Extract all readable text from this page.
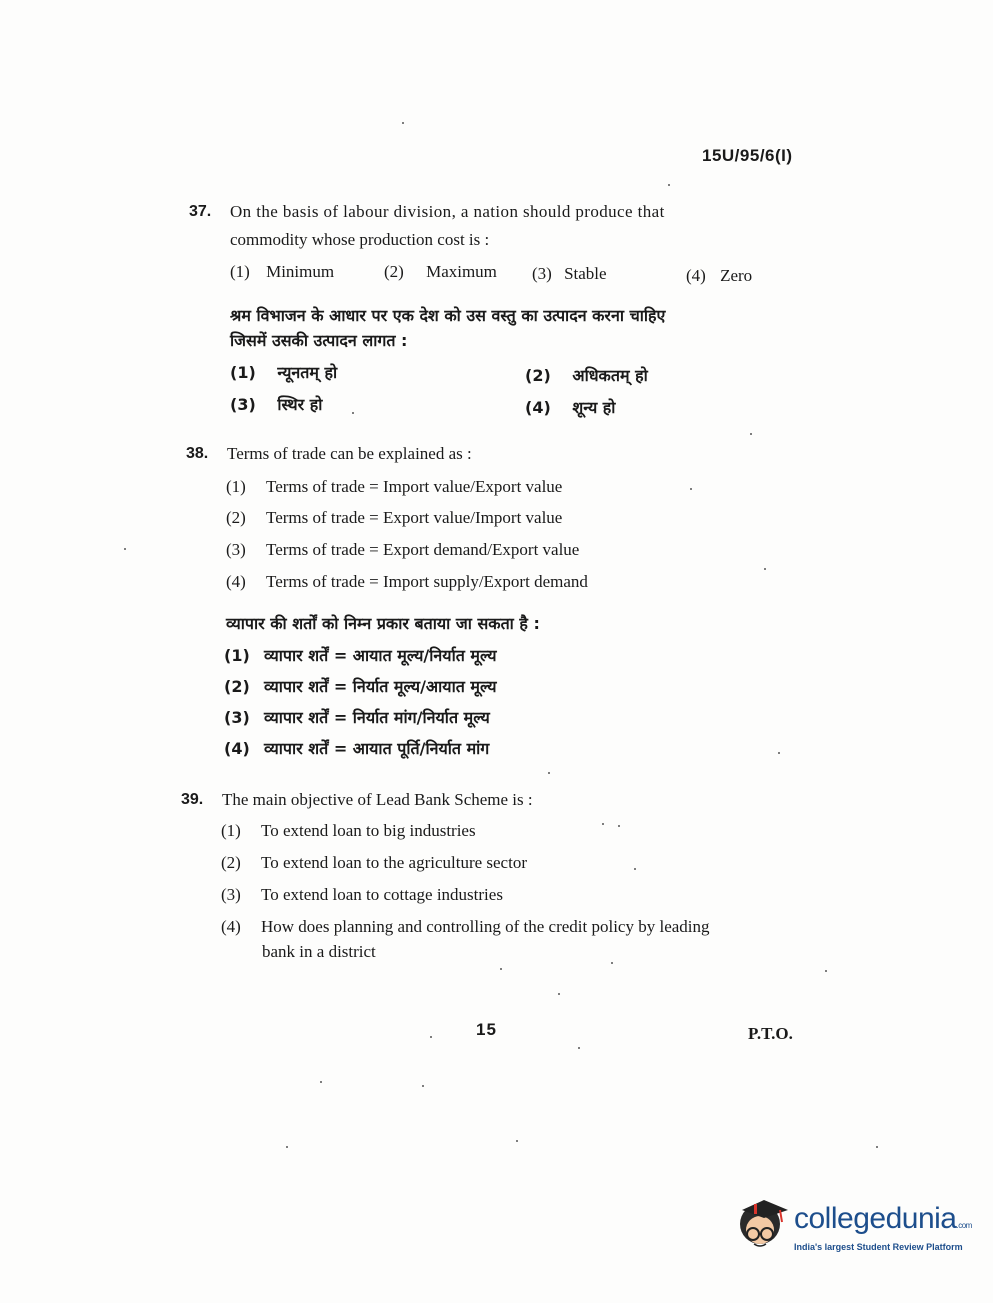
15U/95/6(I)
37. On the basis of labour division, a nation should produce that
commodity whose production cost is :
(1) Minimum	(2) Maximum (3) Stable	(4) Zero
श्रम विभाजन के आधार पर एक देश को उस वस्तु का उत्पादन करना चाहिए
जिसमें उसकी उत्पादन लागत :
(1) न्यूनतम् हो	(2) अधिकतम् हो
(3) स्थिर हो	(4) शून्य हो
38. Terms of trade can be explained as :
(1) Terms of trade = Import value/Export value
(2) Terms of trade = Export value/Import value
(3) Terms of trade = Export demand/Export value
(4) Terms of trade = Import supply/Export demand
व्यापार की शर्तों को निम्न प्रकार बताया जा सकता है :
(1) व्यापार शर्तें = आयात मूल्य/निर्यात मूल्य
(2) व्यापार शर्तें = निर्यात मूल्य/आयात मूल्य
(3) व्यापार शर्तें = निर्यात मांग/निर्यात मूल्य
(4) व्यापार शर्तें = आयात पूर्ति/निर्यात मांग
39. The main objective of Lead Bank Scheme is :
(1) To extend loan to big industries
(2) To extend loan to the agriculture sector
(3) To extend loan to cottage industries
(4) How does planning and controlling of the credit policy by leading
bank in a district
15	P.T.O.
collegedunia.com
India's largest Student Review Platform
